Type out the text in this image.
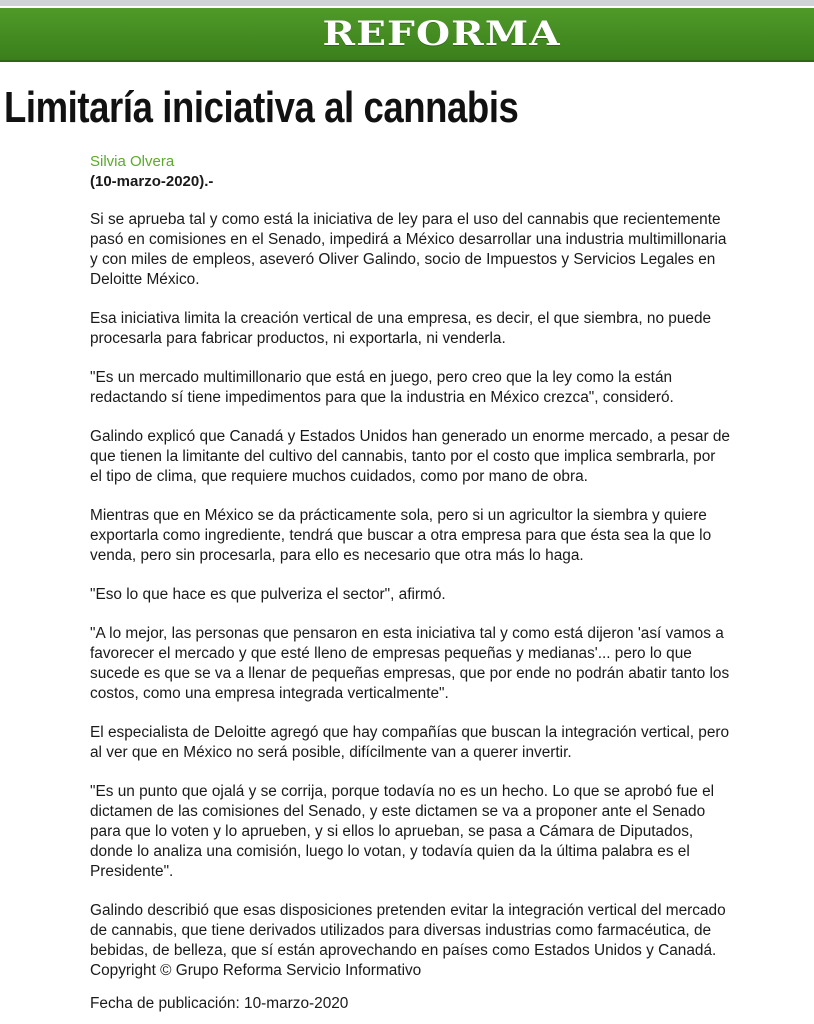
REFORMA
Limitaría iniciativa al cannabis
Silvia Olvera
(10-marzo-2020).-

Si se aprueba tal y como está la iniciativa de ley para el uso del cannabis que recientemente pasó en comisiones en el Senado, impedirá a México desarrollar una industria multimillonaria y con miles de empleos, aseveró Oliver Galindo, socio de Impuestos y Servicios Legales en Deloitte México.

Esa iniciativa limita la creación vertical de una empresa, es decir, el que siembra, no puede procesarla para fabricar productos, ni exportarla, ni venderla.

"Es un mercado multimillonario que está en juego, pero creo que la ley como la están redactando sí tiene impedimentos para que la industria en México crezca", consideró.

Galindo explicó que Canadá y Estados Unidos han generado un enorme mercado, a pesar de que tienen la limitante del cultivo del cannabis, tanto por el costo que implica sembrarla, por el tipo de clima, que requiere muchos cuidados, como por mano de obra.

Mientras que en México se da prácticamente sola, pero si un agricultor la siembra y quiere exportarla como ingrediente, tendrá que buscar a otra empresa para que ésta sea la que lo venda, pero sin procesarla, para ello es necesario que otra más lo haga.

"Eso lo que hace es que pulveriza el sector", afirmó.

"A lo mejor, las personas que pensaron en esta iniciativa tal y como está dijeron 'así vamos a favorecer el mercado y que esté lleno de empresas pequeñas y medianas'... pero lo que sucede es que se va a llenar de pequeñas empresas, que por ende no podrán abatir tanto los costos, como una empresa integrada verticalmente".

El especialista de Deloitte agregó que hay compañías que buscan la integración vertical, pero al ver que en México no será posible, difícilmente van a querer invertir.

"Es un punto que ojalá y se corrija, porque todavía no es un hecho. Lo que se aprobó fue el dictamen de las comisiones del Senado, y este dictamen se va a proponer ante el Senado para que lo voten y lo aprueben, y si ellos lo aprueban, se pasa a Cámara de Diputados, donde lo analiza una comisión, luego lo votan, y todavía quien da la última palabra es el Presidente".

Galindo describió que esas disposiciones pretenden evitar la integración vertical del mercado de cannabis, que tiene derivados utilizados para diversas industrias como farmacéutica, de bebidas, de belleza, que sí están aprovechando en países como Estados Unidos y Canadá. Copyright © Grupo Reforma Servicio Informativo

Fecha de publicación: 10-marzo-2020
